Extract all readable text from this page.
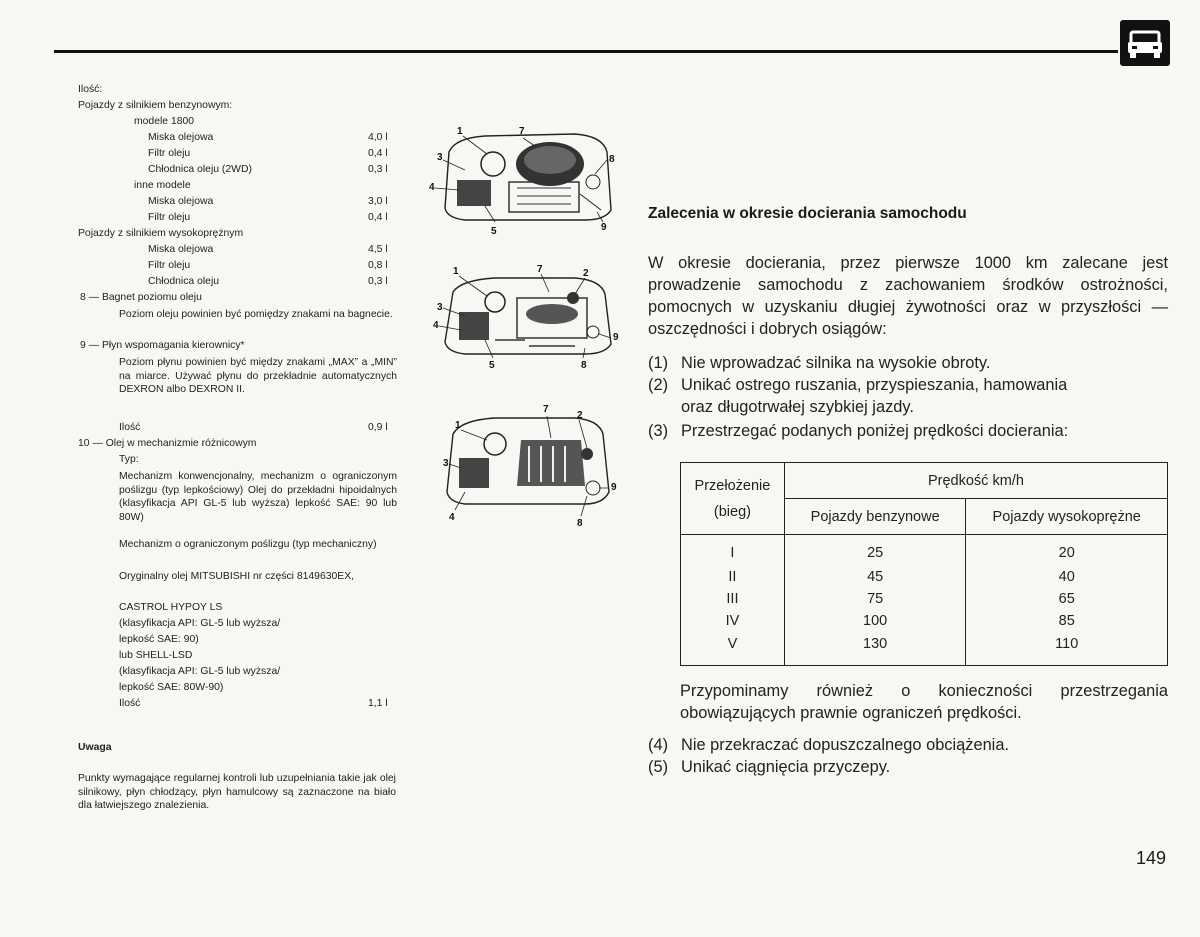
Ilość:
Pojazdy z silnikiem benzynowym:
modele 1800
Miska olejowa	4,0 l
Filtr oleju	0,4 l
Chłodnica oleju (2WD)	0,3 l
inne modele
Miska olejowa	3,0 l
Filtr oleju	0,4 l
Pojazdy z silnikiem wysokoprężnym
Miska olejowa	4,5 l
Filtr oleju	0,8 l
Chłodnica oleju	0,3 l
8 — Bagnet poziomu oleju
Poziom oleju powinien być pomiędzy znakami na bagnecie.
9 — Płyn wspomagania kierownicy*
Poziom płynu powinien być między znakami „MAX” a „MIN” na miarce. Używać płynu do przekładnie automatycznych DEXRON albo DEXRON II.
Ilość	0,9 l
10 — Olej w mechanizmie różnicowym
Typ:
Mechanizm konwencjonalny, mechanizm o ograniczonym poślizgu (typ lepkościowy) Olej do przekładni hipoidalnych (klasyfikacja API GL-5 lub wyższa) lepkość SAE: 90 lub 80W)
Mechanizm o ograniczonym poślizgu (typ mechaniczny)
Oryginalny olej MITSUBISHI nr części 8149630EX,
CASTROL HYPOY LS
(klasyfikacja API: GL-5 lub wyższa/
lepkość SAE: 90)
lub SHELL-LSD
(klasyfikacja API: GL-5 lub wyższa/
lepkość SAE: 80W-90)
Ilość	1,1 l
Uwaga
Punkty wymagające regularnej kontroli lub uzupełniania takie jak olej silnikowy, płyn chłodzący, płyn hamulcowy są zaznaczone na biało dla łatwiejszego znalezienia.
1	7
3	8
4
5	9
1	7	2
3
4
9
5	8
7
1
2
3
9
4
8
Zalecenia w okresie docierania samochodu
W okresie docierania, przez pierwsze 1000 km zalecane jest prowadzenie samochodu z zachowaniem środków ostrożności, pomocnych w uzyskaniu długiej żywotności oraz w przyszłości — oszczędności i dobrych osiągów:
(1) Nie wprowadzać silnika na wysokie obroty.
(2) Unikać ostrego ruszania, przyspieszania, hamowania
oraz długotrwałej szybkiej jazdy.
(3) Przestrzegać podanych poniżej prędkości docierania:
Przełożenie
(bieg)	Prędkość km/h	
	Pojazdy benzynowe	Pojazdy wysokoprężne
I	25	20
II	45	40
III	75	65
IV	100	85
V	130	110
Przypominamy również o konieczności przestrzegania obowiązujących prawnie ograniczeń prędkości.
(4) Nie przekraczać dopuszczalnego obciążenia.
(5) Unikać ciągnięcia przyczepy.
149
